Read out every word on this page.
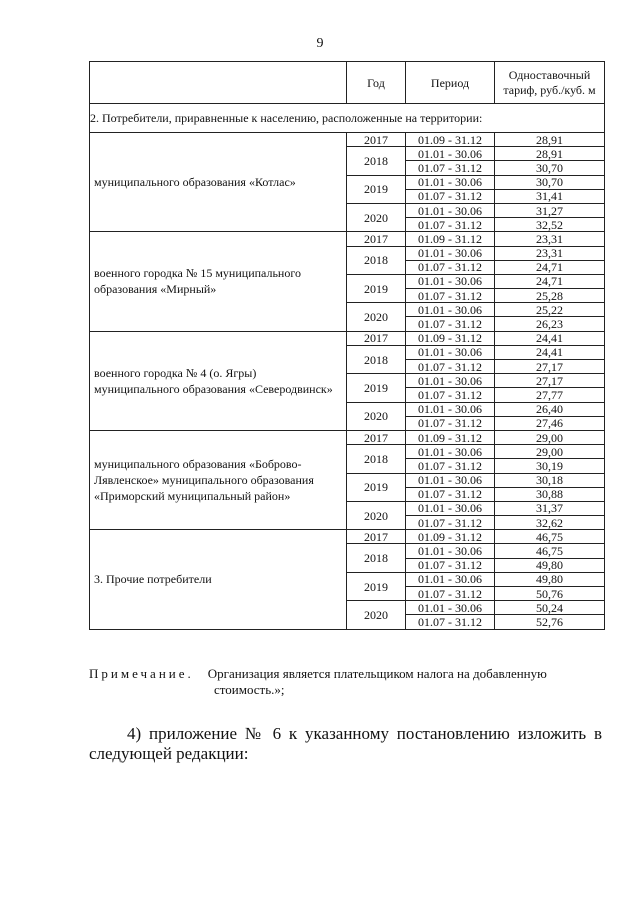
9
	Год	Период	Одноставочный
тариф, руб./куб. м
2. Потребители, приравненные к населению, расположенные на территории:			
муниципального образования «Котлас»	2017	01.09 - 31.12	28,91
	2018	01.01 - 30.06	28,91
		01.07 - 31.12	30,70
	2019	01.01 - 30.06	30,70
		01.07 - 31.12	31,41
	2020	01.01 - 30.06	31,27
		01.07 - 31.12	32,52
военного городка № 15 муниципального образования «Мирный»	2017	01.09 - 31.12	23,31
	2018	01.01 - 30.06	23,31
		01.07 - 31.12	24,71
	2019	01.01 - 30.06	24,71
		01.07 - 31.12	25,28
	2020	01.01 - 30.06	25,22
		01.07 - 31.12	26,23
военного городка № 4 (о. Ягры) муниципального образования «Северодвинск»	2017	01.09 - 31.12	24,41
	2018	01.01 - 30.06	24,41
		01.07 - 31.12	27,17
	2019	01.01 - 30.06	27,17
		01.07 - 31.12	27,77
	2020	01.01 - 30.06	26,40
		01.07 - 31.12	27,46
муниципального образования «Боброво-Лявленское» муниципального образования «Приморский муниципальный район»	2017	01.09 - 31.12	29,00
	2018	01.01 - 30.06	29,00
		01.07 - 31.12	30,19
	2019	01.01 - 30.06	30,18
		01.07 - 31.12	30,88
	2020	01.01 - 30.06	31,37
		01.07 - 31.12	32,62
3. Прочие потребители	2017	01.09 - 31.12	46,75
	2018	01.01 - 30.06	46,75
		01.07 - 31.12	49,80
	2019	01.01 - 30.06	49,80
		01.07 - 31.12	50,76
	2020	01.01 - 30.06	50,24
		01.07 - 31.12	52,76
Примечание. Организация является плательщиком налога на добавленную
стоимость.»;
4) приложение № 6 к указанному постановлению изложить в следующей редакции:
